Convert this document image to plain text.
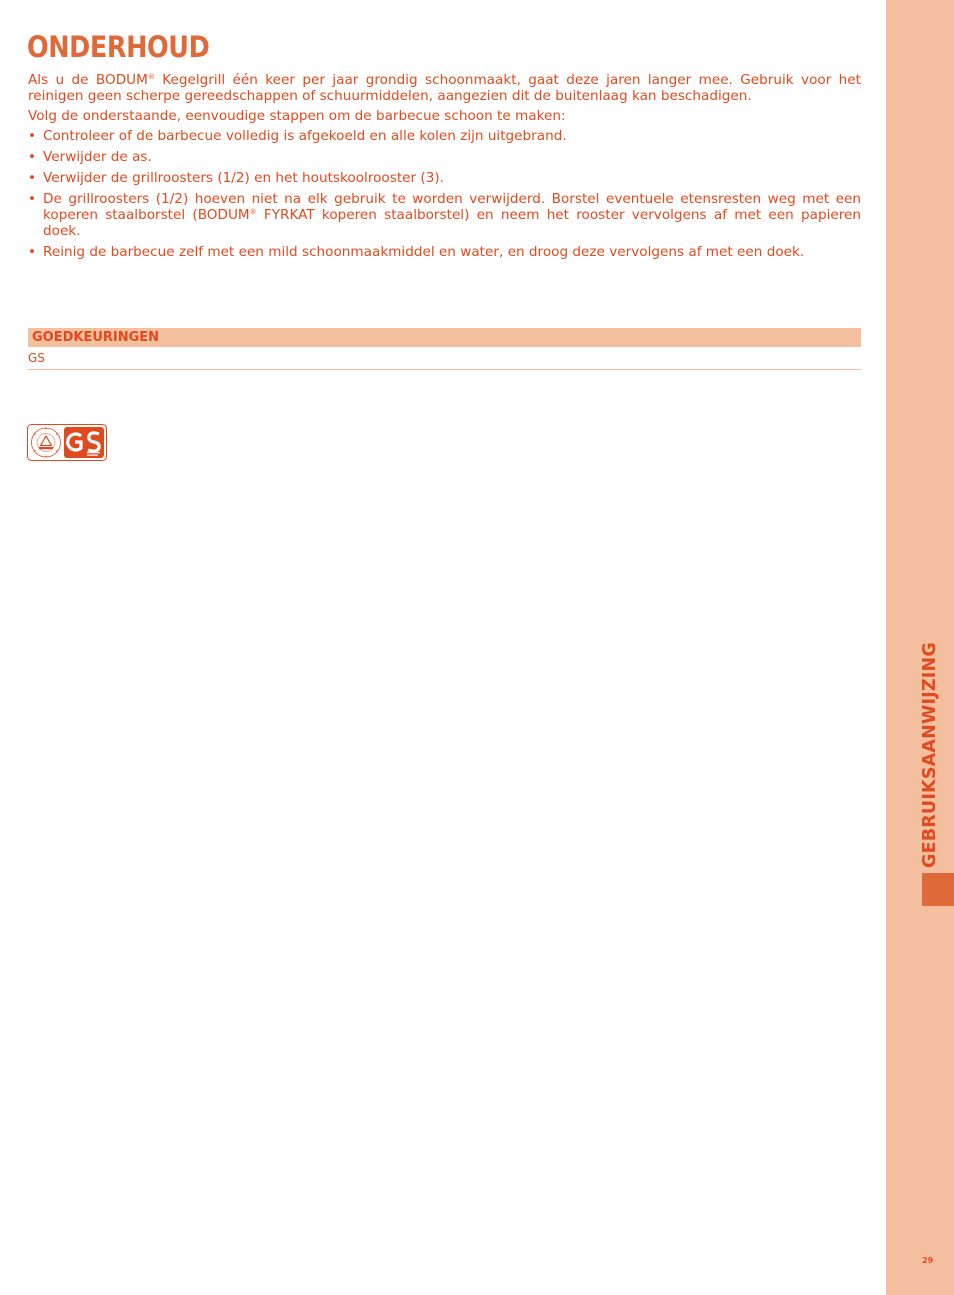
ONDERHOUD

Als u de BODUM® Kegelgrill één keer per jaar grondig schoonmaakt, gaat deze jaren langer mee. Gebruik voor het reinigen geen scherpe gereedschappen of schuurmiddelen, aangezien dit de buitenlaag kan beschadigen.

Volg de onderstaande, eenvoudige stappen om de barbecue schoon te maken:

• Controleer of de barbecue volledig is afgekoeld en alle kolen zijn uitgebrand.
• Verwijder de as.
• Verwijder de grillroosters (1/2) en het houtskoolrooster (3).
• De grillroosters (1/2) hoeven niet na elk gebruik te worden verwijderd. Borstel eventuele etensresten weg met een koperen staalborstel (BODUM® FYRKAT koperen staalborstel) en neem het rooster vervolgens af met een papieren doek.
• Reinig de barbecue zelf met een mild schoonmaakmiddel en water, en droog deze vervolgens af met een doek.
GOEDKEURINGEN
GS
GEBRUIKSAANWIJZING
29
